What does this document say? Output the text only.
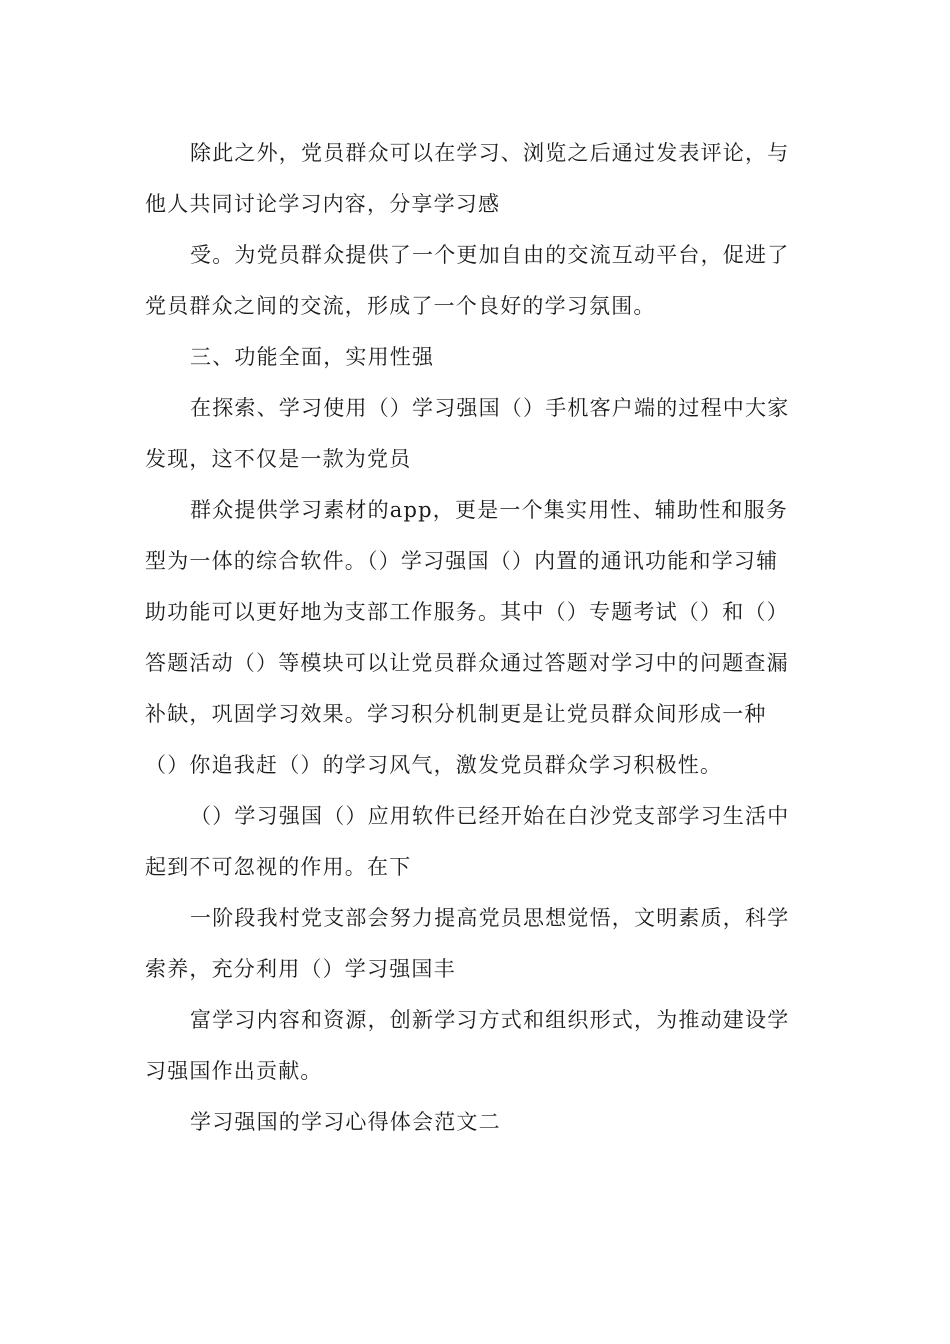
除此之外，党员群众可以在学习、浏览之后通过发表评论，与
他人共同讨论学习内容，分享学习感
受。为党员群众提供了一个更加自由的交流互动平台，促进了
党员群众之间的交流，形成了一个良好的学习氛围。
三、功能全面，实用性强
在探索、学习使用（）学习强国（）手机客户端的过程中大家
发现，这不仅是一款为党员
群众提供学习素材的app，更是一个集实用性、辅助性和服务
型为一体的综合软件。（）学习强国（）内置的通讯功能和学习辅
助功能可以更好地为支部工作服务。其中（）专题考试（）和（）
答题活动（）等模块可以让党员群众通过答题对学习中的问题查漏
补缺，巩固学习效果。学习积分机制更是让党员群众间形成一种
（）你追我赶（）的学习风气，激发党员群众学习积极性。
（）学习强国（）应用软件已经开始在白沙党支部学习生活中
起到不可忽视的作用。在下
一阶段我村党支部会努力提高党员思想觉悟，文明素质，科学
索养，充分利用（）学习强国丰
富学习内容和资源，创新学习方式和组织形式，为推动建设学
习强国作出贡献。
学习强国的学习心得体会范文二
